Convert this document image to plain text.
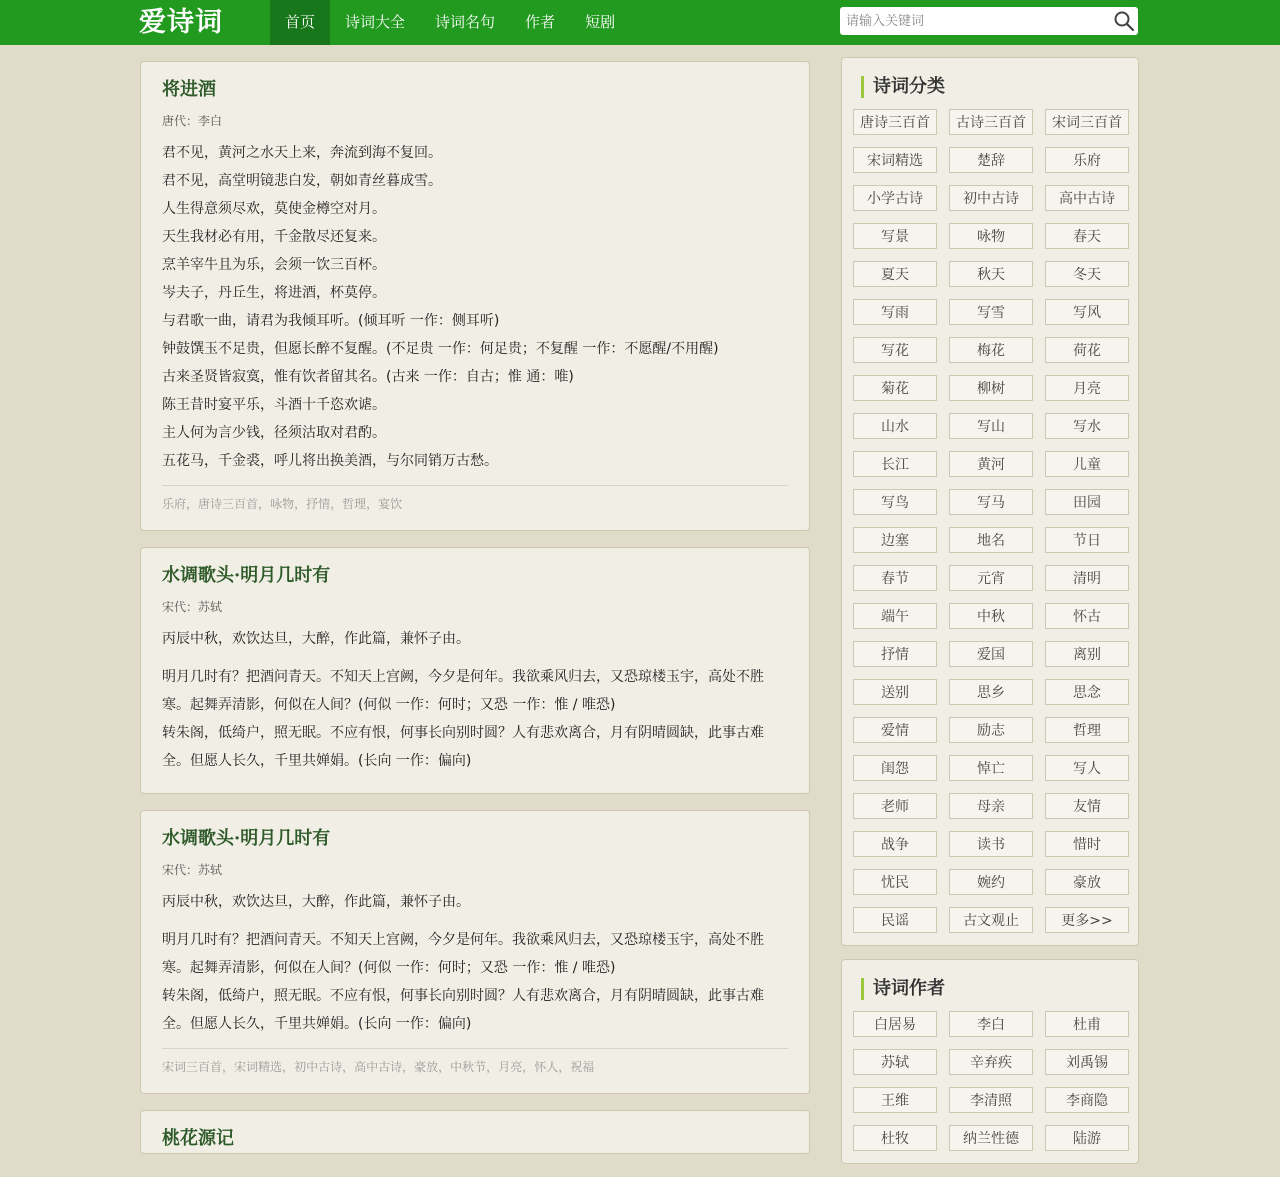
爱诗词	首页	诗词大全	诗词名句	作者	短剧
请输入关键词
将进酒
唐代：李白
君不见，黄河之水天上来，奔流到海不复回。
君不见，高堂明镜悲白发，朝如青丝暮成雪。
人生得意须尽欢，莫使金樽空对月。
天生我材必有用，千金散尽还复来。
烹羊宰牛且为乐，会须一饮三百杯。
岑夫子，丹丘生，将进酒，杯莫停。
与君歌一曲，请君为我倾耳听。(倾耳听 一作：侧耳听)
钟鼓馔玉不足贵，但愿长醉不复醒。(不足贵 一作：何足贵；不复醒 一作：不愿醒/不用醒)
古来圣贤皆寂寞，惟有饮者留其名。(古来 一作：自古；惟 通：唯)
陈王昔时宴平乐，斗酒十千恣欢谑。
主人何为言少钱，径须沽取对君酌。
五花马，千金裘，呼儿将出换美酒，与尔同销万古愁。
乐府，唐诗三百首，咏物，抒情，哲理，宴饮
水调歌头·明月几时有
宋代：苏轼
丙辰中秋，欢饮达旦，大醉，作此篇，兼怀子由。
明月几时有？把酒问青天。不知天上宫阙，今夕是何年。我欲乘风归去，又恐琼楼玉宇，高处不胜
寒。起舞弄清影，何似在人间？(何似 一作：何时；又恐 一作：惟 / 唯恐)
转朱阁，低绮户，照无眠。不应有恨，何事长向别时圆？人有悲欢离合，月有阴晴圆缺，此事古难
全。但愿人长久，千里共婵娟。(长向 一作：偏向)
水调歌头·明月几时有
宋代：苏轼
丙辰中秋，欢饮达旦，大醉，作此篇，兼怀子由。
明月几时有？把酒问青天。不知天上宫阙，今夕是何年。我欲乘风归去，又恐琼楼玉宇，高处不胜
寒。起舞弄清影，何似在人间？(何似 一作：何时；又恐 一作：惟 / 唯恐)
转朱阁，低绮户，照无眠。不应有恨，何事长向别时圆？人有悲欢离合，月有阴晴圆缺，此事古难
全。但愿人长久，千里共婵娟。(长向 一作：偏向)
宋词三百首，宋词精选，初中古诗，高中古诗，豪放，中秋节，月亮，怀人，祝福
桃花源记
诗词分类
唐诗三百首	古诗三百首	宋词三百首
宋词精选	楚辞	乐府
小学古诗	初中古诗	高中古诗
写景	咏物	春天
夏天	秋天	冬天
写雨	写雪	写风
写花	梅花	荷花
菊花	柳树	月亮
山水	写山	写水
长江	黄河	儿童
写鸟	写马	田园
边塞	地名	节日
春节	元宵	清明
端午	中秋	怀古
抒情	爱国	离别
送别	思乡	思念
爱情	励志	哲理
闺怨	悼亡	写人
老师	母亲	友情
战争	读书	惜时
忧民	婉约	豪放
民谣	古文观止	更多>>
诗词作者
白居易	李白	杜甫
苏轼	辛弃疾	刘禹锡
王维	李清照	李商隐
杜牧	纳兰性德	陆游
